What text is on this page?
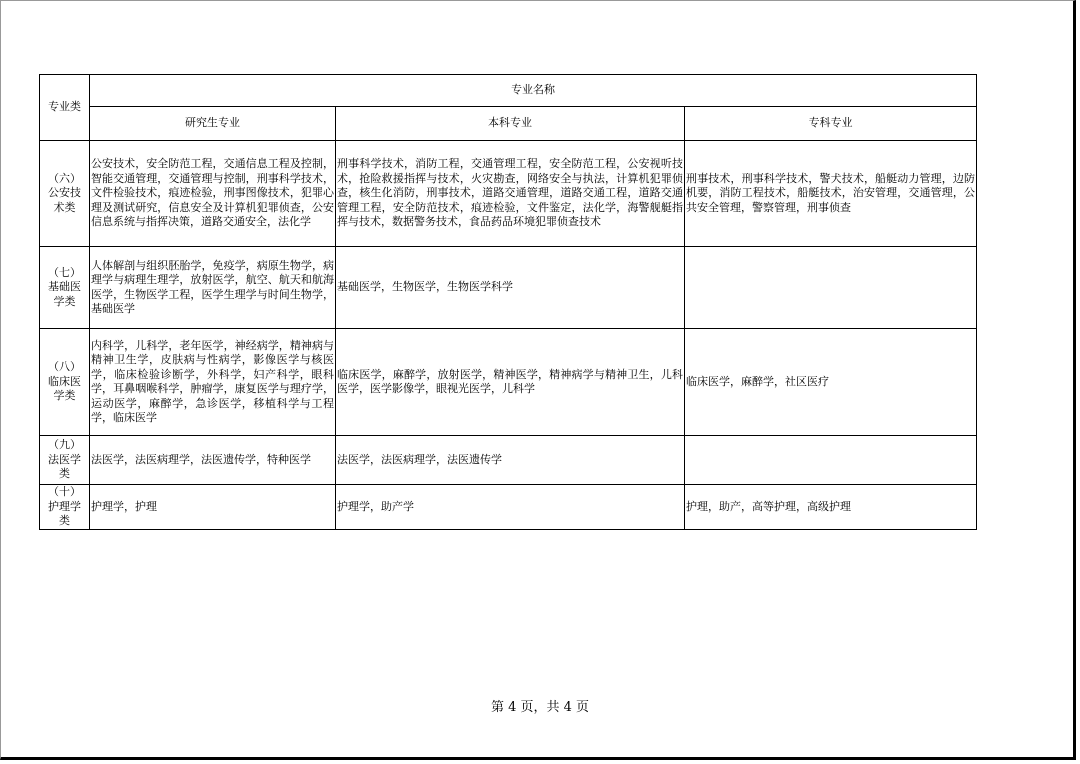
专业类	专业名称		
	研究生专业	本科专业	专科专业
（六）
公安技
术类	公安技术，安全防范工程，交通信息工程及控制，智能交通管理，交通管理与控制，刑事科学技术，文件检验技术，痕迹检验，刑事图像技术，犯罪心理及测试研究，信息安全及计算机犯罪侦查，公安信息系统与指挥决策，道路交通安全，法化学	刑事科学技术，消防工程，交通管理工程，安全防范工程，公安视听技术，抢险救援指挥与技术，火灾勘查，网络安全与执法，计算机犯罪侦查，核生化消防，刑事技术，道路交通管理，道路交通工程，道路交通管理工程，安全防范技术，痕迹检验，文件鉴定，法化学，海警舰艇指挥与技术，数据警务技术，食品药品环境犯罪侦查技术	刑事技术，刑事科学技术，警犬技术，船艇动力管理，边防机要，消防工程技术，船艇技术，治安管理，交通管理，公共安全管理，警察管理，刑事侦查
（七）
基础医
学类	人体解剖与组织胚胎学，免疫学，病原生物学，病理学与病理生理学，放射医学，航空、航天和航海医学，生物医学工程，医学生理学与时间生物学，基础医学	基础医学，生物医学，生物医学科学	
（八）
临床医
学类	内科学，儿科学，老年医学，神经病学，精神病与精神卫生学，皮肤病与性病学，影像医学与核医学，临床检验诊断学，外科学，妇产科学，眼科学，耳鼻咽喉科学，肿瘤学，康复医学与理疗学，运动医学，麻醉学，急诊医学，移植科学与工程学，临床医学	临床医学，麻醉学，放射医学，精神医学，精神病学与精神卫生，儿科医学，医学影像学，眼视光医学，儿科学	临床医学，麻醉学，社区医疗
（九）
法医学
类	法医学，法医病理学，法医遗传学，特种医学	法医学，法医病理学，法医遗传学	
（十）
护理学
类	护理学，护理	护理学，助产学	护理，助产，高等护理，高级护理
第 4 页，共 4 页
